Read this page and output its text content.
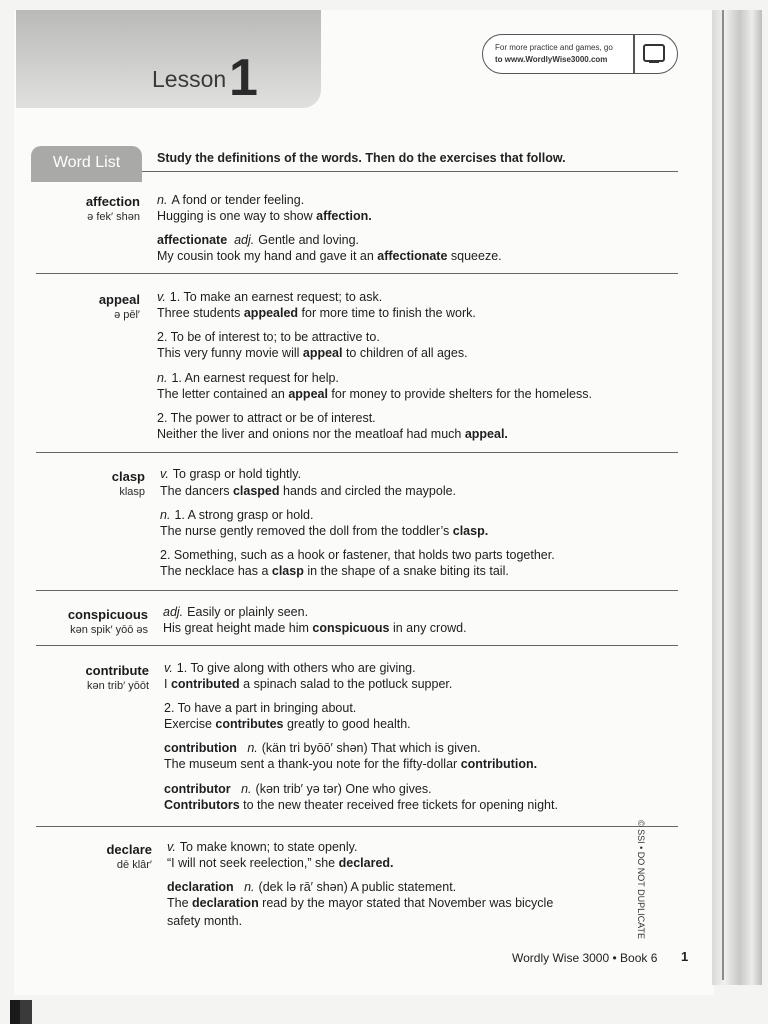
Lesson 1
For more practice and games, go
to www.WordlyWise3000.com
Word List	Study the definitions of the words. Then do the exercises that follow.
affection
ə fek′ shən
n. A fond or tender feeling.
Hugging is one way to show affection.
affectionate adj. Gentle and loving.
My cousin took my hand and gave it an affectionate squeeze.
appeal
ə pēl′
v. 1. To make an earnest request; to ask.
Three students appealed for more time to finish the work.
2. To be of interest to; to be attractive to.
This very funny movie will appeal to children of all ages.
n. 1. An earnest request for help.
The letter contained an appeal for money to provide shelters for the homeless.
2. The power to attract or be of interest.
Neither the liver and onions nor the meatloaf had much appeal.
clasp
klasp
v. To grasp or hold tightly.
The dancers clasped hands and circled the maypole.
n. 1. A strong grasp or hold.
The nurse gently removed the doll from the toddler’s clasp.
2. Something, such as a hook or fastener, that holds two parts together.
The necklace has a clasp in the shape of a snake biting its tail.
conspicuous
kən spik′ yōō əs
adj. Easily or plainly seen.
His great height made him conspicuous in any crowd.
contribute
kən trib′ yōōt
v. 1. To give along with others who are giving.
I contributed a spinach salad to the potluck supper.
2. To have a part in bringing about.
Exercise contributes greatly to good health.
contribution n. (kän tri byōō′ shən) That which is given.
The museum sent a thank-you note for the fifty-dollar contribution.
contributor n. (kən trib′ yə tər) One who gives.
Contributors to the new theater received free tickets for opening night.
declare
dē klâr′
v. To make known; to state openly.
“I will not seek reelection,” she declared.
declaration n. (dek lə rā′ shən) A public statement.
The declaration read by the mayor stated that November was bicycle
safety month.	© SSI • DO NOT DUPLICATE
Wordly Wise 3000 • Book 6 1
